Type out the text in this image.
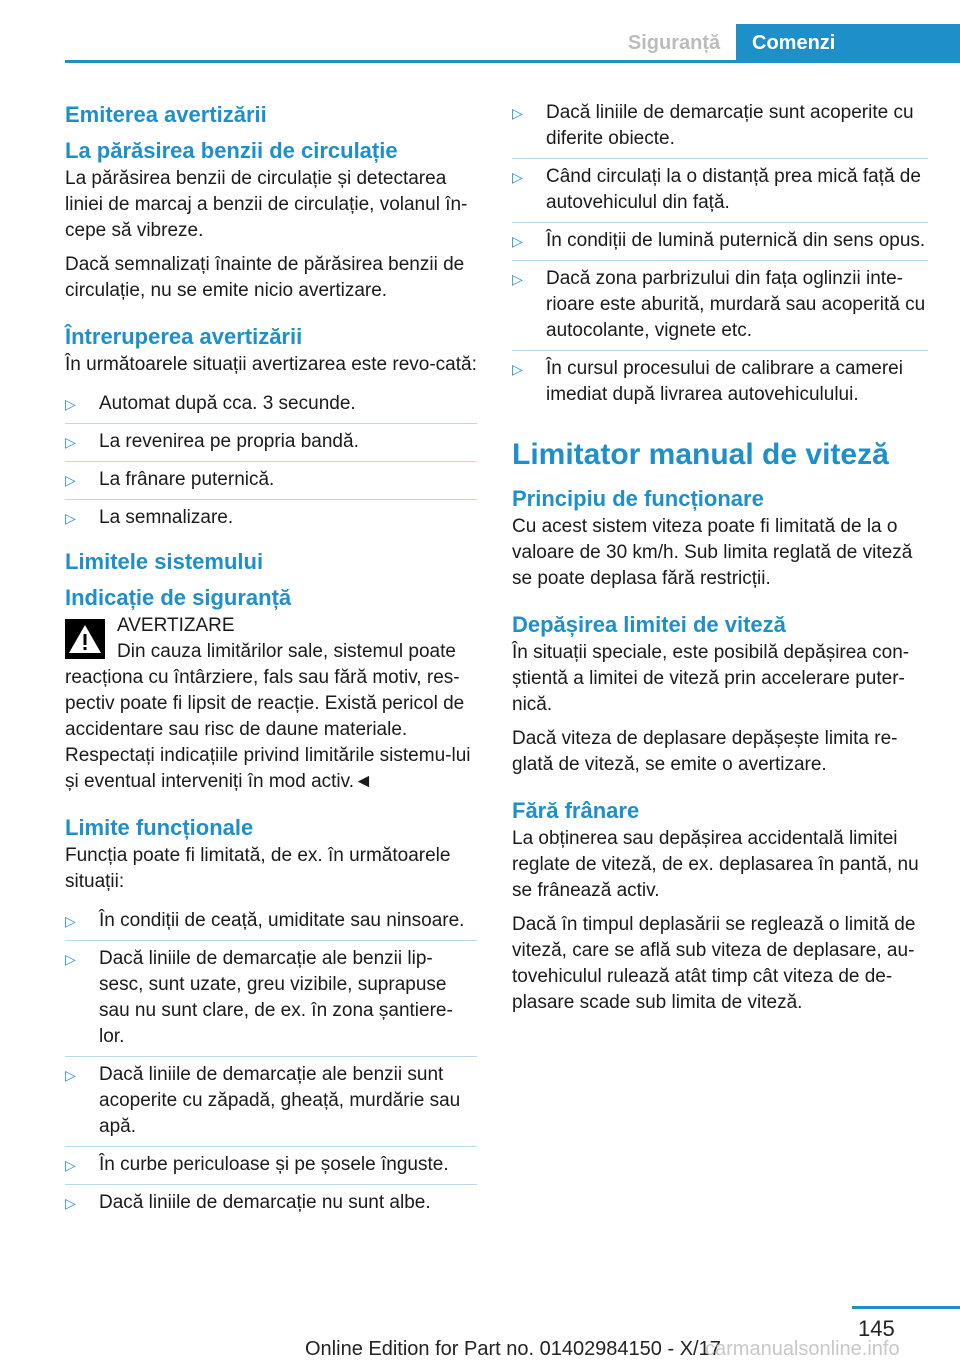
Siguranță	Comenzi
Emiterea avertizării
La părăsirea benzii de circulație

La părăsirea benzii de circulație și detectarea liniei de marcaj a benzii de circulație, volanul în-cepe să vibreze.

Dacă semnalizați înainte de părăsirea benzii de circulație, nu se emite nicio avertizare.

Întreruperea avertizării

În următoarele situații avertizarea este revo-cată:

▷ Automat după cca. 3 secunde.
▷ La revenirea pe propria bandă.
▷ La frânare puternică.
▷ La semnalizare.
Limitele sistemului
Indicație de siguranță
AVERTIZARE

Din cauza limitărilor sale, sistemul poate reacționa cu întârziere, fals sau fără motiv, res-pectiv poate fi lipsit de reacție. Există pericol de accidentare sau risc de daune materiale. Respectați indicațiile privind limitările sistemu-lui și eventual interveniți în mod activ.◄

Limite funcționale

Funcția poate fi limitată, de ex. în următoarele situații:

▷ În condiții de ceață, umiditate sau ninsoare.
▷ Dacă liniile de demarcație ale benzii lip-sesc, sunt uzate, greu vizibile, suprapuse sau nu sunt clare, de ex. în zona șantiere-lor.
▷ Dacă liniile de demarcație ale benzii sunt acoperite cu zăpadă, gheață, murdărie sau apă.
▷ În curbe periculoase și pe șosele înguste.
▷ Dacă liniile de demarcație nu sunt albe.
▷ Dacă liniile de demarcație sunt acoperite cu diferite obiecte.
▷ Când circulați la o distanță prea mică față de autovehiculul din față.
▷ În condiții de lumină puternică din sens opus.
▷ Dacă zona parbrizului din fața oglinzii inte-rioare este aburită, murdară sau acoperită cu autocolante, vignete etc.
▷ În cursul procesului de calibrare a camerei imediat după livrarea autovehiculului.
Limitator manual de viteză
Principiu de funcționare

Cu acest sistem viteza poate fi limitată de la o valoare de 30 km/h. Sub limita reglată de viteză se poate deplasa fără restricții.

Depășirea limitei de viteză

În situații speciale, este posibilă depășirea con-știentă a limitei de viteză prin accelerare puter-nică.

Dacă viteza de deplasare depășește limita re-glată de viteză, se emite o avertizare.

Fără frânare

La obținerea sau depășirea accidentală limitei reglate de viteză, de ex. deplasarea în pantă, nu se frânează activ.

Dacă în timpul deplasării se reglează o limită de viteză, care se află sub viteza de deplasare, au-tovehiculul rulează atât timp cât viteza de de-plasare scade sub limita de viteză.

145
Online Edition for Part no. 01402984150 - X/17
carmanualsonline.info
